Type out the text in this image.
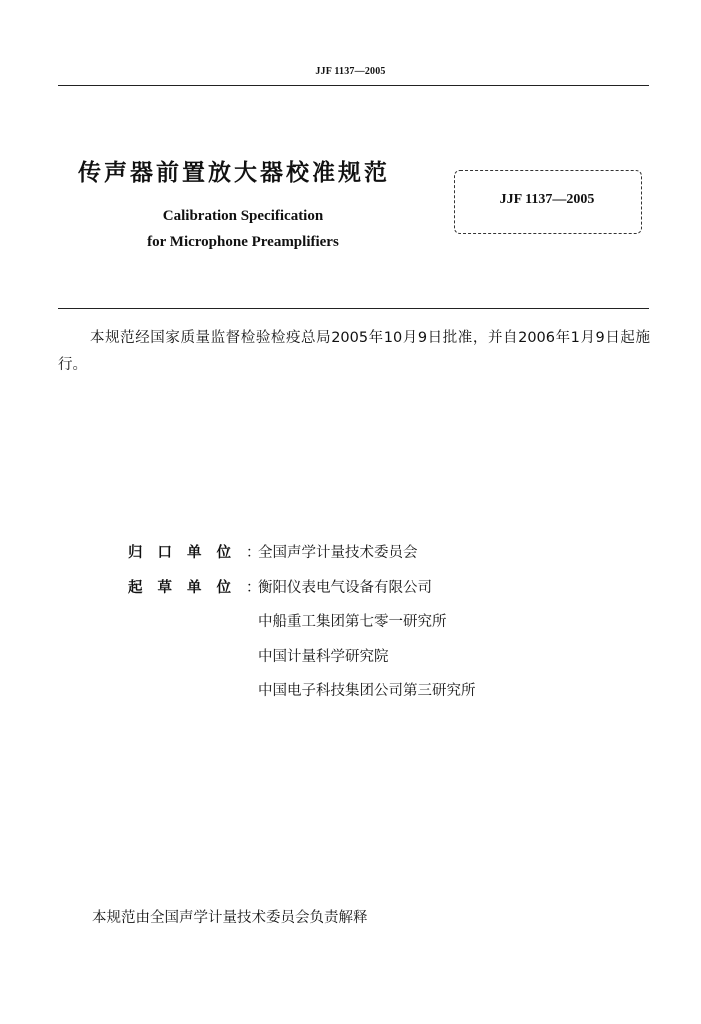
JJF 1137—2005
传声器前置放大器校准规范
Calibration Specification
for Microphone Preamplifiers
JJF 1137—2005
本规范经国家质量监督检验检疫总局2005年10月9日批准，并自2006年1月9日起施行。
归口单位：
全国声学计量技术委员会
起草单位：
衡阳仪表电气设备有限公司
中船重工集团第七零一研究所
中国计量科学研究院
中国电子科技集团公司第三研究所
本规范由全国声学计量技术委员会负责解释
